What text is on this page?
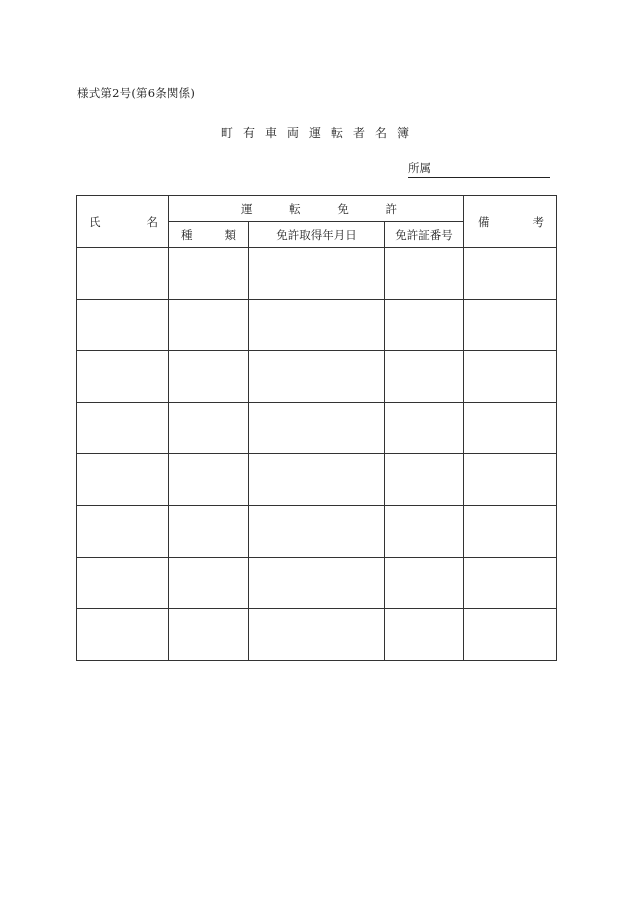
様式第2号(第6条関係)
町 有 車 両 運 転 者 名 簿
所属
氏 名	運 転 免 許			備 考

	種 類	免許取得年月日	免許証番号	
